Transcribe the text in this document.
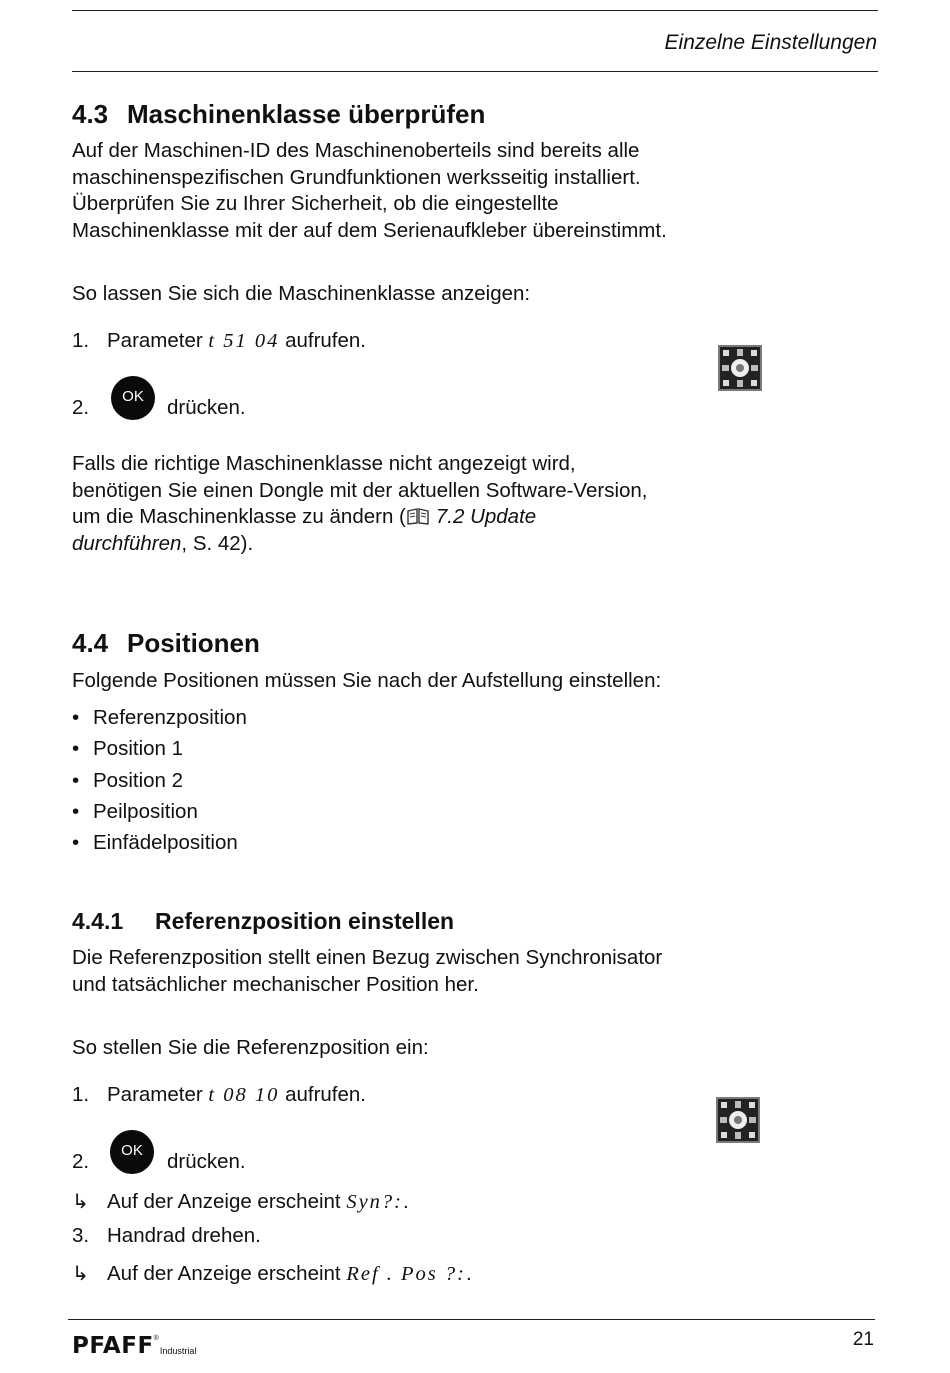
Einzelne Einstellungen
4.3 Maschinenklasse überprüfen
Auf der Maschinen-ID des Maschinenoberteils sind bereits alle
maschinenspezifischen Grundfunktionen werksseitig installiert.
Überprüfen Sie zu Ihrer Sicherheit, ob die eingestellte
Maschinenklasse mit der auf dem Serienaufkleber übereinstimmt.
So lassen Sie sich die Maschinenklasse anzeigen:
1. Parameter t 51 04 aufrufen.
2.	OK	drücken.
Falls die richtige Maschinenklasse nicht angezeigt wird,
benötigen Sie einen Dongle mit der aktuellen Software-Version,
um die Maschinenklasse zu ändern ( 7.2 Update
durchführen, S. 42).
4.4 Positionen
Folgende Positionen müssen Sie nach der Aufstellung einstellen:
• Referenzposition
• Position 1
• Position 2
• Peilposition
• Einfädelposition
4.4.1 Referenzposition einstellen
Die Referenzposition stellt einen Bezug zwischen Synchronisator
und tatsächlicher mechanischer Position her.
So stellen Sie die Referenzposition ein:
1. Parameter t 08 10 aufrufen.
2.	OK	drücken.
↳ Auf der Anzeige erscheint Syn?:.
3. Handrad drehen.
↳ Auf der Anzeige erscheint Ref . Pos ?:.
PFAFF ®
Industrial
21
